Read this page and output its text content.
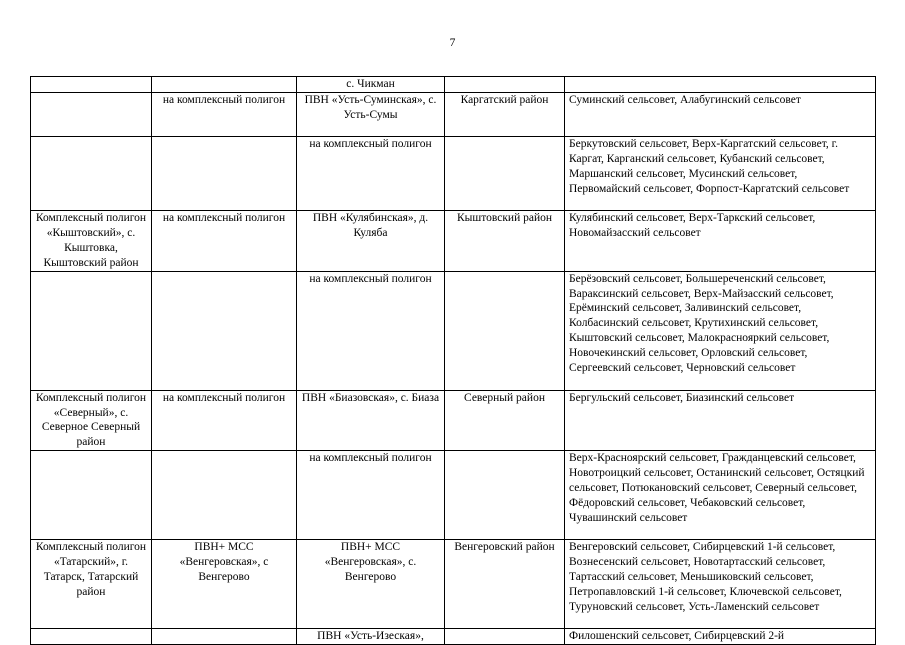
7
		с. Чикман		
	на комплексный полигон	ПВН «Усть-Суминская», с. Усть-Сумы	Каргатский район	Суминский сельсовет, Алабугинский сельсовет
		на комплексный полигон		Беркутовский сельсовет, Верх-Каргатский сельсовет, г. Каргат, Карганский сельсовет, Кубанский сельсовет, Маршанский сельсовет, Мусинский сельсовет, Первомайский сельсовет, Форпост-Каргатский сельсовет
Комплексный полигон «Кыштовский», с. Кыштовка, Кыштовский район	на комплексный полигон	ПВН «Кулябинская», д. Куляба	Кыштовский район	Кулябинский сельсовет, Верх-Таркский сельсовет, Новомайзасский сельсовет
		на комплексный полигон		Берёзовский сельсовет, Большереченский сельсовет, Вараксинский сельсовет, Верх-Майзасский сельсовет, Ерёминский сельсовет, Заливинский сельсовет, Колбасинский сельсовет, Крутихинский сельсовет, Кыштовский сельсовет, Малокраснояркий сельсовет, Новочекинский сельсовет, Орловский сельсовет, Сергеевский сельсовет, Черновский сельсовет
Комплексный полигон «Северный», с. Северное Северный район	на комплексный полигон	ПВН «Биазовская», с. Биаза	Северный район	Бергульский сельсовет, Биазинский сельсовет
		на комплексный полигон		Верх-Красноярский сельсовет, Гражданцевский сельсовет, Новотроицкий сельсовет, Останинский сельсовет, Остяцкий сельсовет, Потюкановский сельсовет, Северный сельсовет, Фёдоровский сельсовет, Чебаковский сельсовет, Чувашинский сельсовет
Комплексный полигон «Татарский», г. Татарск, Татарский район	ПВН+ МСС «Венгеровская», с Венгерово	ПВН+ МСС «Венгеровская», с. Венгерово	Венгеровский район	Венгеровский сельсовет, Сибирцевский 1-й сельсовет, Вознесенский сельсовет, Новотартасский сельсовет, Тартасский сельсовет, Меньшиковский сельсовет, Петропавловский 1-й сельсовет, Ключевской сельсовет, Туруновский сельсовет, Усть-Ламенский сельсовет
		ПВН «Усть-Изеская»,		Филошенский сельсовет, Сибирцевский 2-й
